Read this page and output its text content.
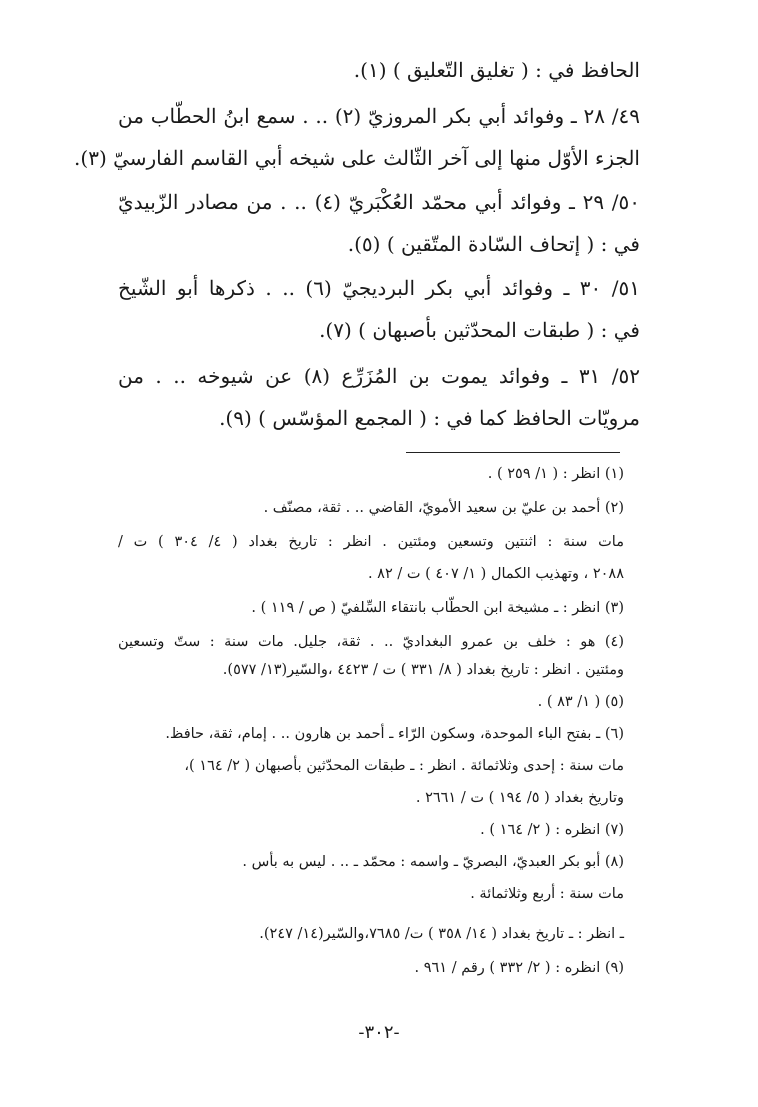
الحافظ في : ( تغليق التّعليق ) (١).
٤٩/ ٢٨ ـ وفوائد أبي بكر المروزيّ (٢) .. . سمع ابنُ الحطّاب من
الجزء الأوّل منها إلى آخر الثّالث على شيخه أبي القاسم الفارسيّ (٣).
٥٠/ ٢٩ ـ وفوائد أبي محمّد العُكْبَريّ (٤) .. . من مصادر الزّبيديّ
في : ( إتحاف السّادة المتّقين ) (٥).
٥١/ ٣٠ ـ وفوائد أبي بكر البرديجيّ (٦) .. . ذكرها أبو الشّيخ
في : ( طبقات المحدّثين بأصبهان ) (٧).
٥٢/ ٣١ ـ وفوائد يموت بن المُزَرِّع (٨) عن شيوخه .. . من
مرويّات الحافظ كما في : ( المجمع المؤسّس ) (٩).
(١) انظر : ( ١/ ٢٥٩ ) .
(٢) أحمد بن عليّ بن سعيد الأمويّ، القاضي .. . ثقة، مصنّف .
مات سنة : اثنتين وتسعين ومئتين . انظر : تاريخ بغداد ( ٤/ ٣٠٤ ) ت /
٢٠٨٨ ، وتهذيب الكمال ( ١/ ٤٠٧ ) ت / ٨٢ .
(٣) انظر : ـ مشيخة ابن الحطّاب بانتقاء السِّلفيّ ( ص / ١١٩ ) .
(٤) هو : خلف بن عمرو البغداديّ .. . ثقة، جليل. مات سنة : ستّ وتسعين
ومئتين . انظر : تاريخ بغداد ( ٨/ ٣٣١ ) ت / ٤٤٢٣ ،والسّير(١٣/ ٥٧٧).
(٥) ( ١/ ٨٣ ) .
(٦) ـ بفتح الباء الموحدة، وسكون الرّاء ـ أحمد بن هارون .. . إمام، ثقة، حافظ.
مات سنة : إحدى وثلاثمائة . انظر : ـ طبقات المحدّثين بأصبهان ( ٢/ ١٦٤ )،
وتاريخ بغداد ( ٥/ ١٩٤ ) ت / ٢٦٦١ .
(٧) انظره : ( ٢/ ١٦٤ ) .
(٨) أبو بكر العبديّ، البصريّ ـ واسمه : محمّد ـ .. . ليس به بأس .
مات سنة : أربع وثلاثمائة .
ـ انظر : ـ تاريخ بغداد ( ١٤/ ٣٥٨ ) ت/ ٧٦٨٥،والسّير(١٤/ ٢٤٧).
(٩) انظره : ( ٢/ ٣٣٢ ) رقم / ٩٦١ .
-٣٠٢-
